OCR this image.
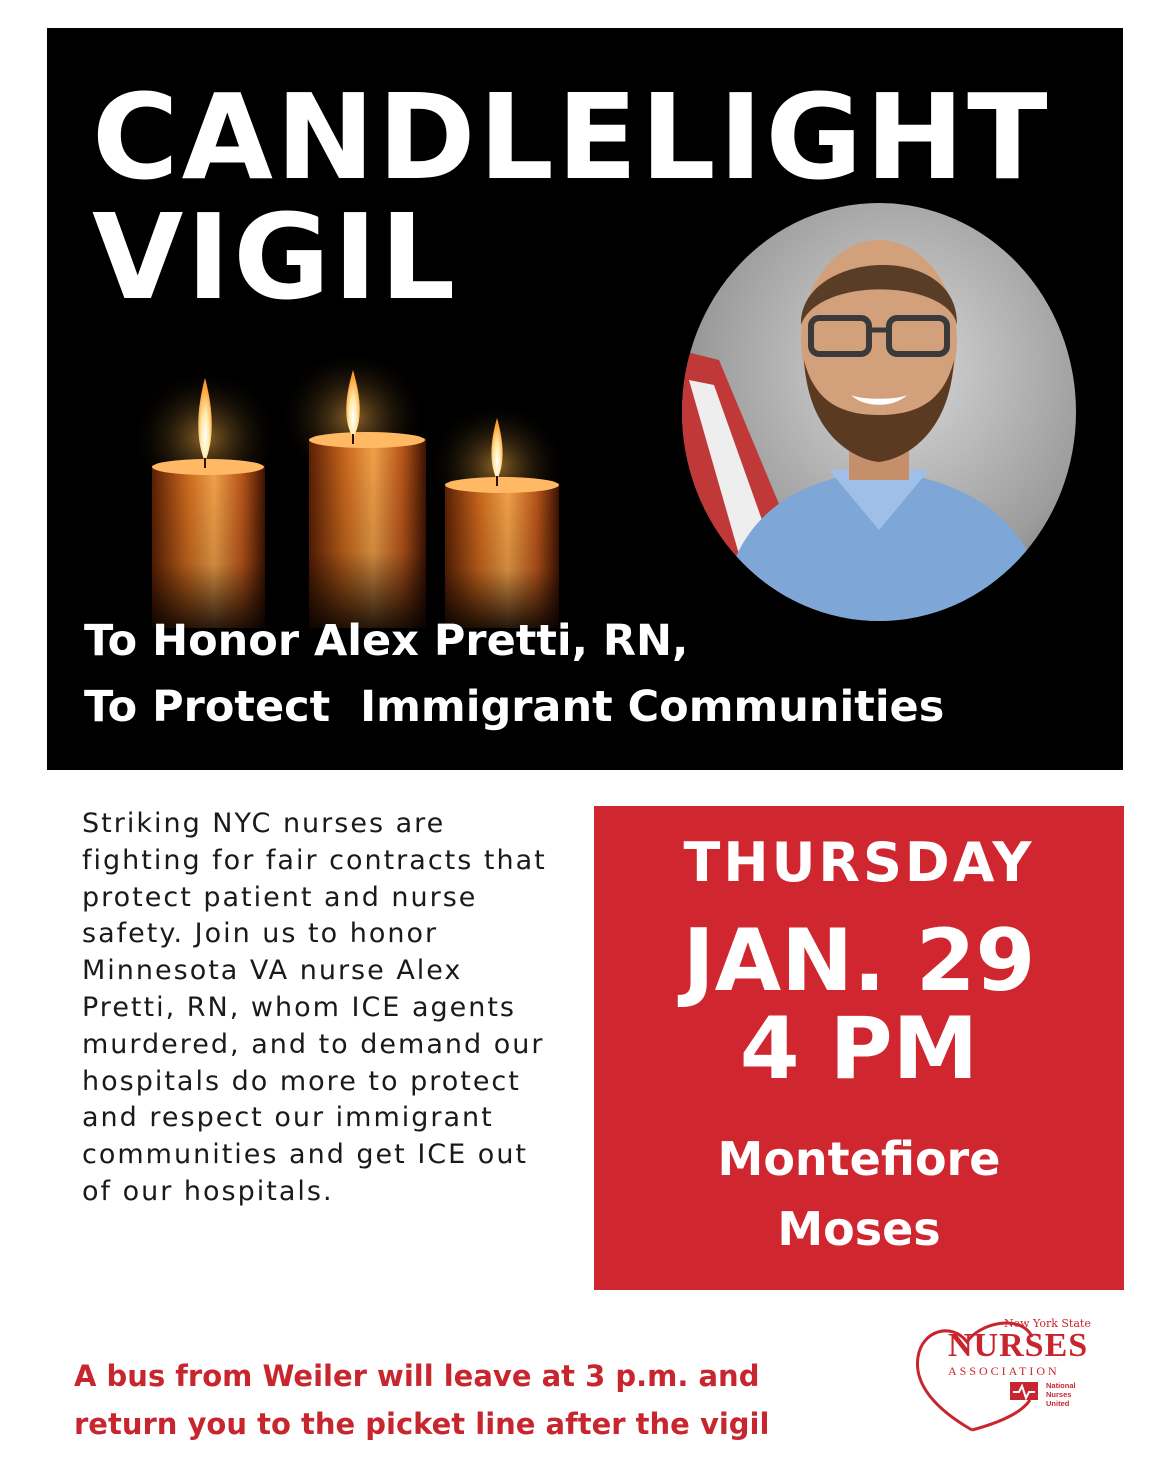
CANDLELIGHT
VIGIL

To Honor Alex Pretti, RN,

To Protect  Immigrant Communities

Striking NYC nurses are fighting for fair contracts that protect patient and nurse safety. Join us to honor Minnesota VA nurse Alex Pretti, RN, whom ICE agents murdered, and to demand our hospitals do more to protect and respect our immigrant communities and get ICE out of our hospitals.

THURSDAY

JAN. 29

4 PM

Montefiore

Moses

A bus from Weiler will leave at 3 p.m. and

return you to the picket line after the vigil

New York State

NURSES

ASSOCIATION

National

Nurses

United
